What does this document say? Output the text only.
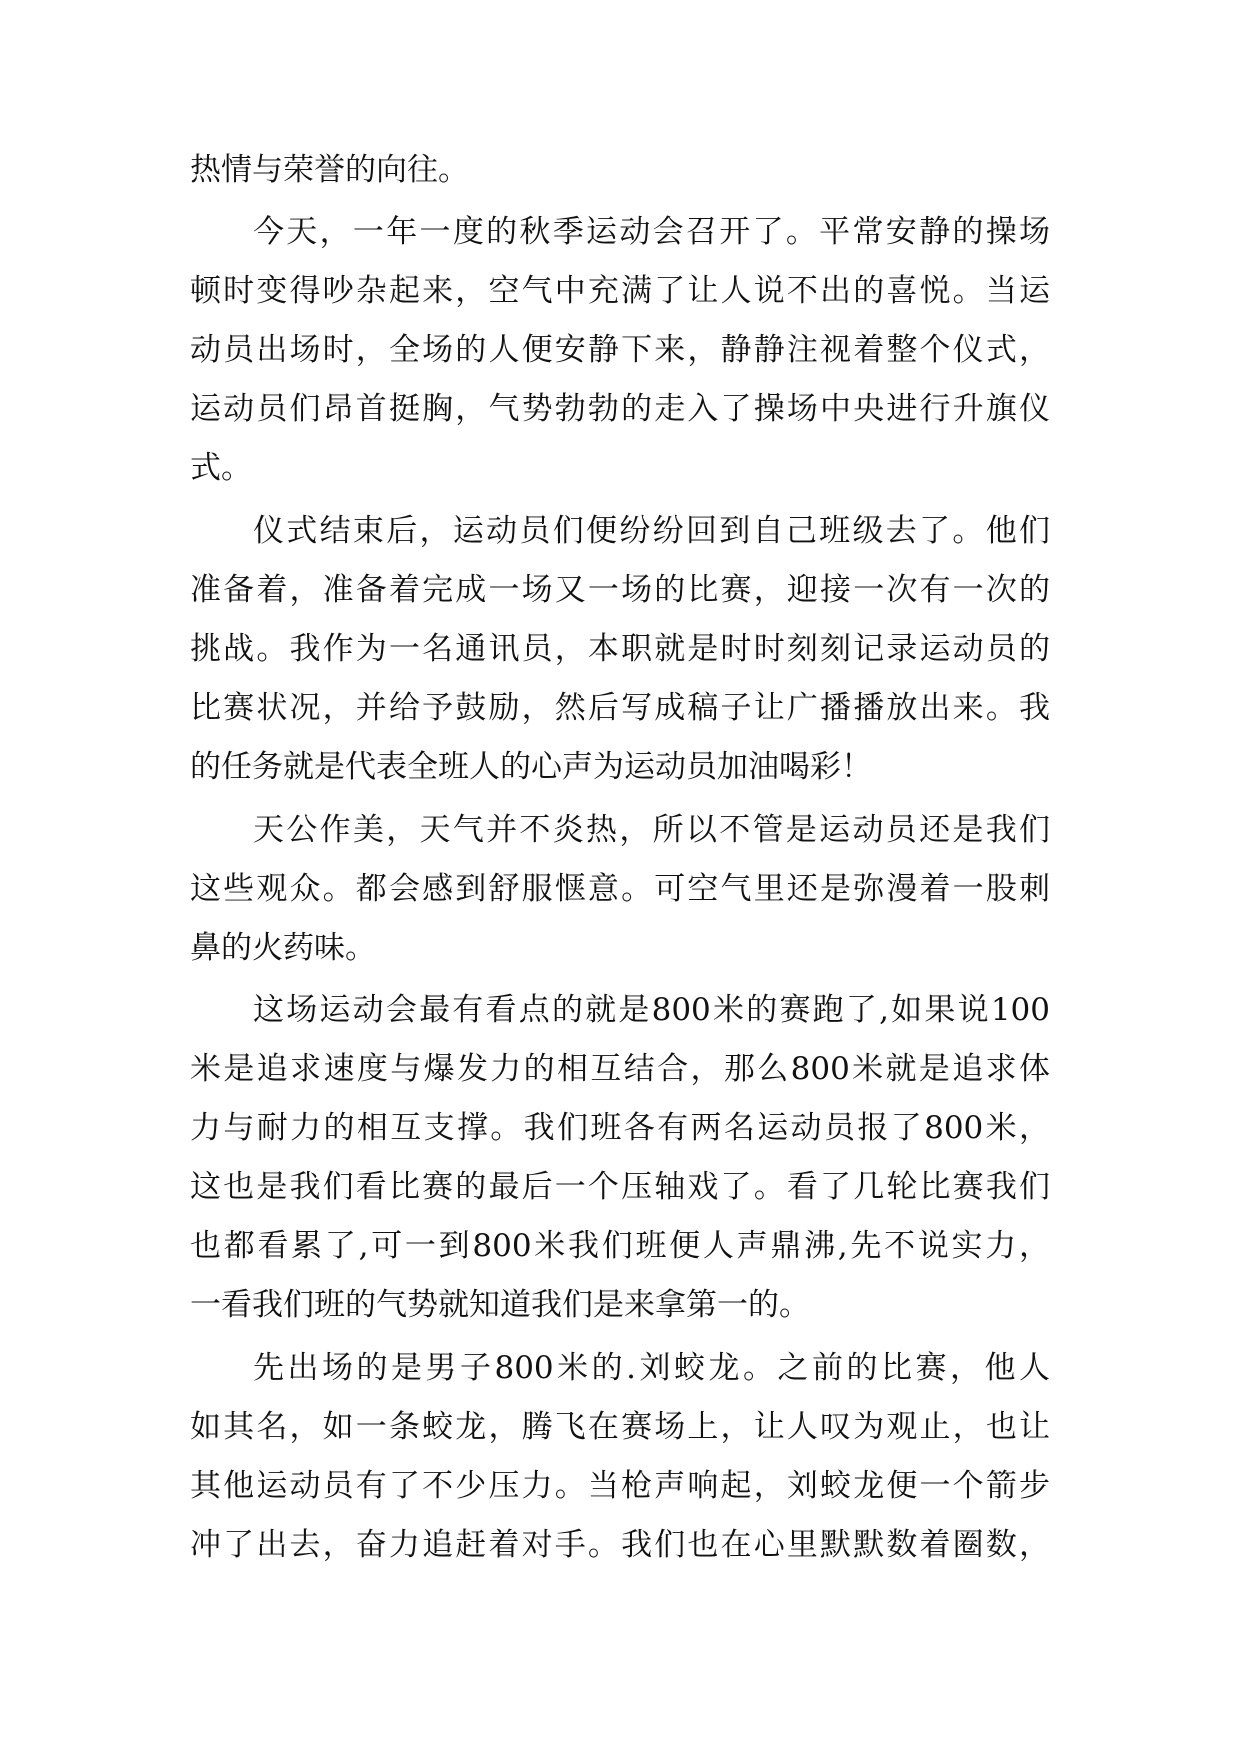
热情与荣誉的向往。
今天，一年一度的秋季运动会召开了。平常安静的操场
顿时变得吵杂起来，空气中充满了让人说不出的喜悦。当运
动员出场时，全场的人便安静下来，静静注视着整个仪式，
运动员们昂首挺胸，气势勃勃的走入了操场中央进行升旗仪
式。
仪式结束后，运动员们便纷纷回到自己班级去了。他们
准备着，准备着完成一场又一场的比赛，迎接一次有一次的
挑战。我作为一名通讯员，本职就是时时刻刻记录运动员的
比赛状况，并给予鼓励，然后写成稿子让广播播放出来。我
的任务就是代表全班人的心声为运动员加油喝彩！
天公作美，天气并不炎热，所以不管是运动员还是我们
这些观众。都会感到舒服惬意。可空气里还是弥漫着一股刺
鼻的火药味。
这场运动会最有看点的就是800米的赛跑了,如果说100
米是追求速度与爆发力的相互结合，那么800米就是追求体
力与耐力的相互支撑。我们班各有两名运动员报了800米，
这也是我们看比赛的最后一个压轴戏了。看了几轮比赛我们
也都看累了,可一到800米我们班便人声鼎沸,先不说实力，
一看我们班的气势就知道我们是来拿第一的。
先出场的是男子800米的.刘蛟龙。之前的比赛，他人
如其名，如一条蛟龙，腾飞在赛场上，让人叹为观止，也让
其他运动员有了不少压力。当枪声响起，刘蛟龙便一个箭步
冲了出去，奋力追赶着对手。我们也在心里默默数着圈数，
